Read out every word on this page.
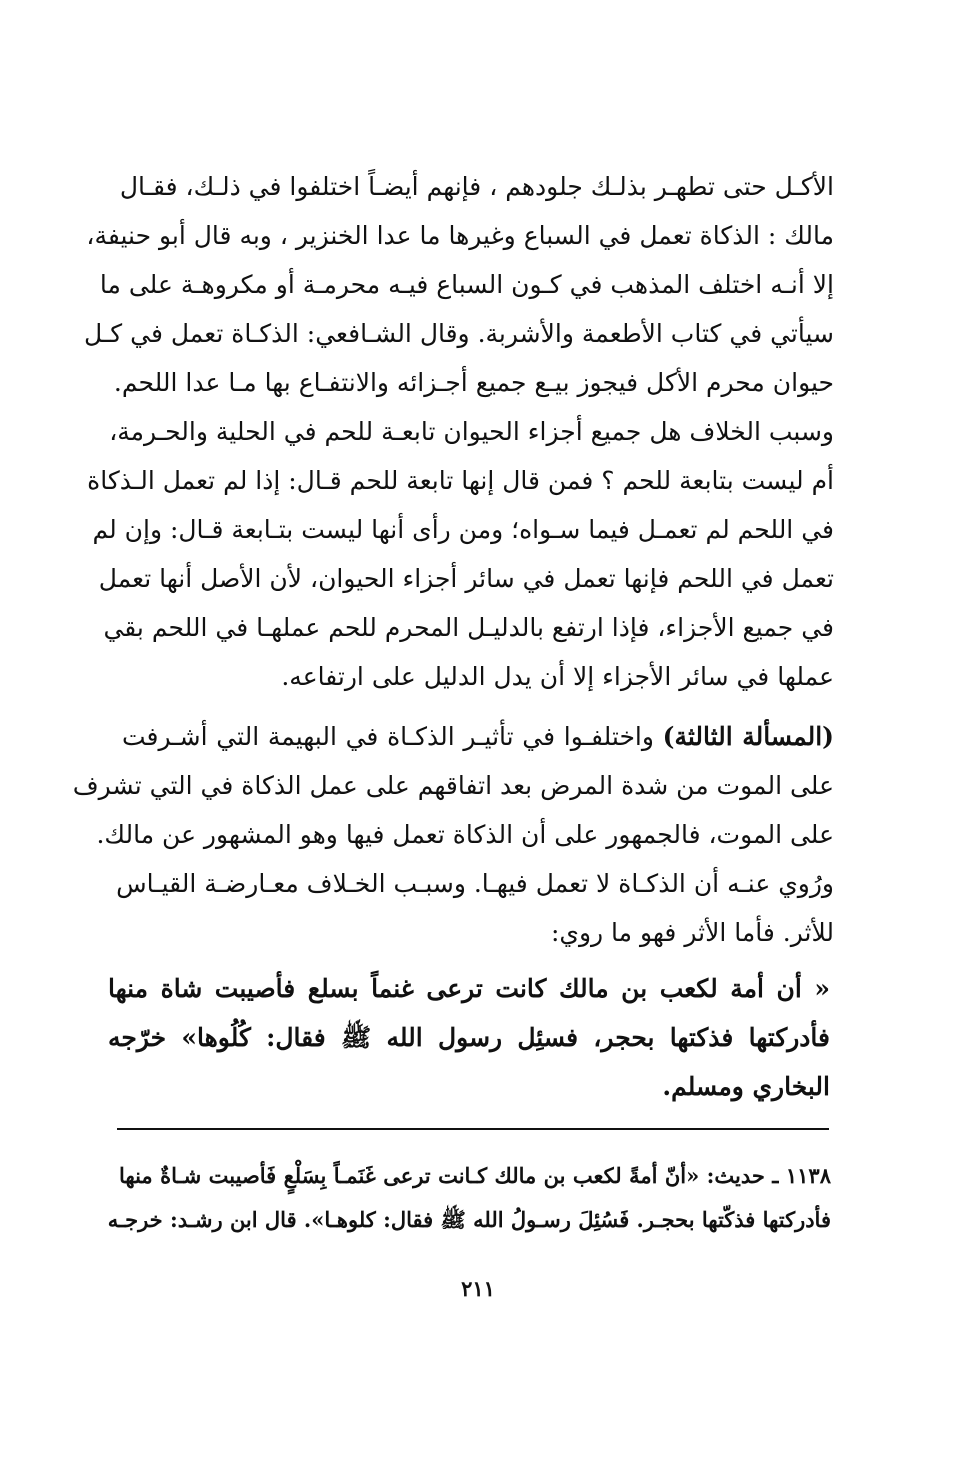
الأكـل حتى تطهـر بذلـك جلودهم ، فإنهم أيضـاً اختلفوا في ذلـك، فقـال
مالك : الذكاة تعمل في السباع وغيرها ما عدا الخنزير ، وبه قال أبو حنيفة،
إلا أنـه اختلف المذهب في كـون السباع فيـه محرمـة أو مكروهـة على ما
سيأتي في كتاب الأطعمة والأشربة. وقال الشـافعي: الذكـاة تعمل في كـل
حيوان محرم الأكل فيجوز بيـع جميع أجـزائه والانتفـاع بها مـا عدا اللحم.
وسبب الخلاف هل جميع أجزاء الحيوان تابعـة للحم في الحلية والحـرمة،
أم ليست بتابعة للحم ؟ فمن قال إنها تابعة للحم قـال: إذا لم تعمل الـذكاة
في اللحم لم تعمـل فيما سـواه؛ ومن رأى أنها ليست بتـابعة قـال: وإن لم
تعمل في اللحم فإنها تعمل في سائر أجزاء الحيوان، لأن الأصل أنها تعمل
في جميع الأجزاء، فإذا ارتفع بالدليـل المحرم للحم عملهـا في اللحم بقي
عملها في سائر الأجزاء إلا أن يدل الدليل على ارتفاعه.
(المسألة الثالثة) واختلفـوا في تأثيـر الذكـاة في البهيمة التي أشـرفت
على الموت من شدة المرض بعد اتفاقهم على عمل الذكاة في التي تشرف
على الموت، فالجمهور على أن الذكاة تعمل فيها وهو المشهور عن مالك.
ورُوي عنـه أن الذكـاة لا تعمل فيهـا. وسبـب الخـلاف معـارضـة القيـاس
للأثر. فأما الأثر فهو ما روي:
« أن أمة لكعب بن مالك كانت ترعى غنماً بسلع فأصيبت شاة منها
فأدركتها فذكتها بحجر، فسئِل رسول الله ﷺ فقال: كُلُوها» خرّجه
البخاري ومسلم.
١١٣٨ ـ حديث: «أنّ أمةً لكعب بن مالك كـانت ترعى غَنَمـاً بِسَلْعٍ فَأصيبت شـاةٌ منها
فأدركتها فذكّتها بحجـر. فَسُئِلَ رسـولُ الله ﷺ فقال: كلوهـا». قال ابن رشـد: خرجـه
٢١١
